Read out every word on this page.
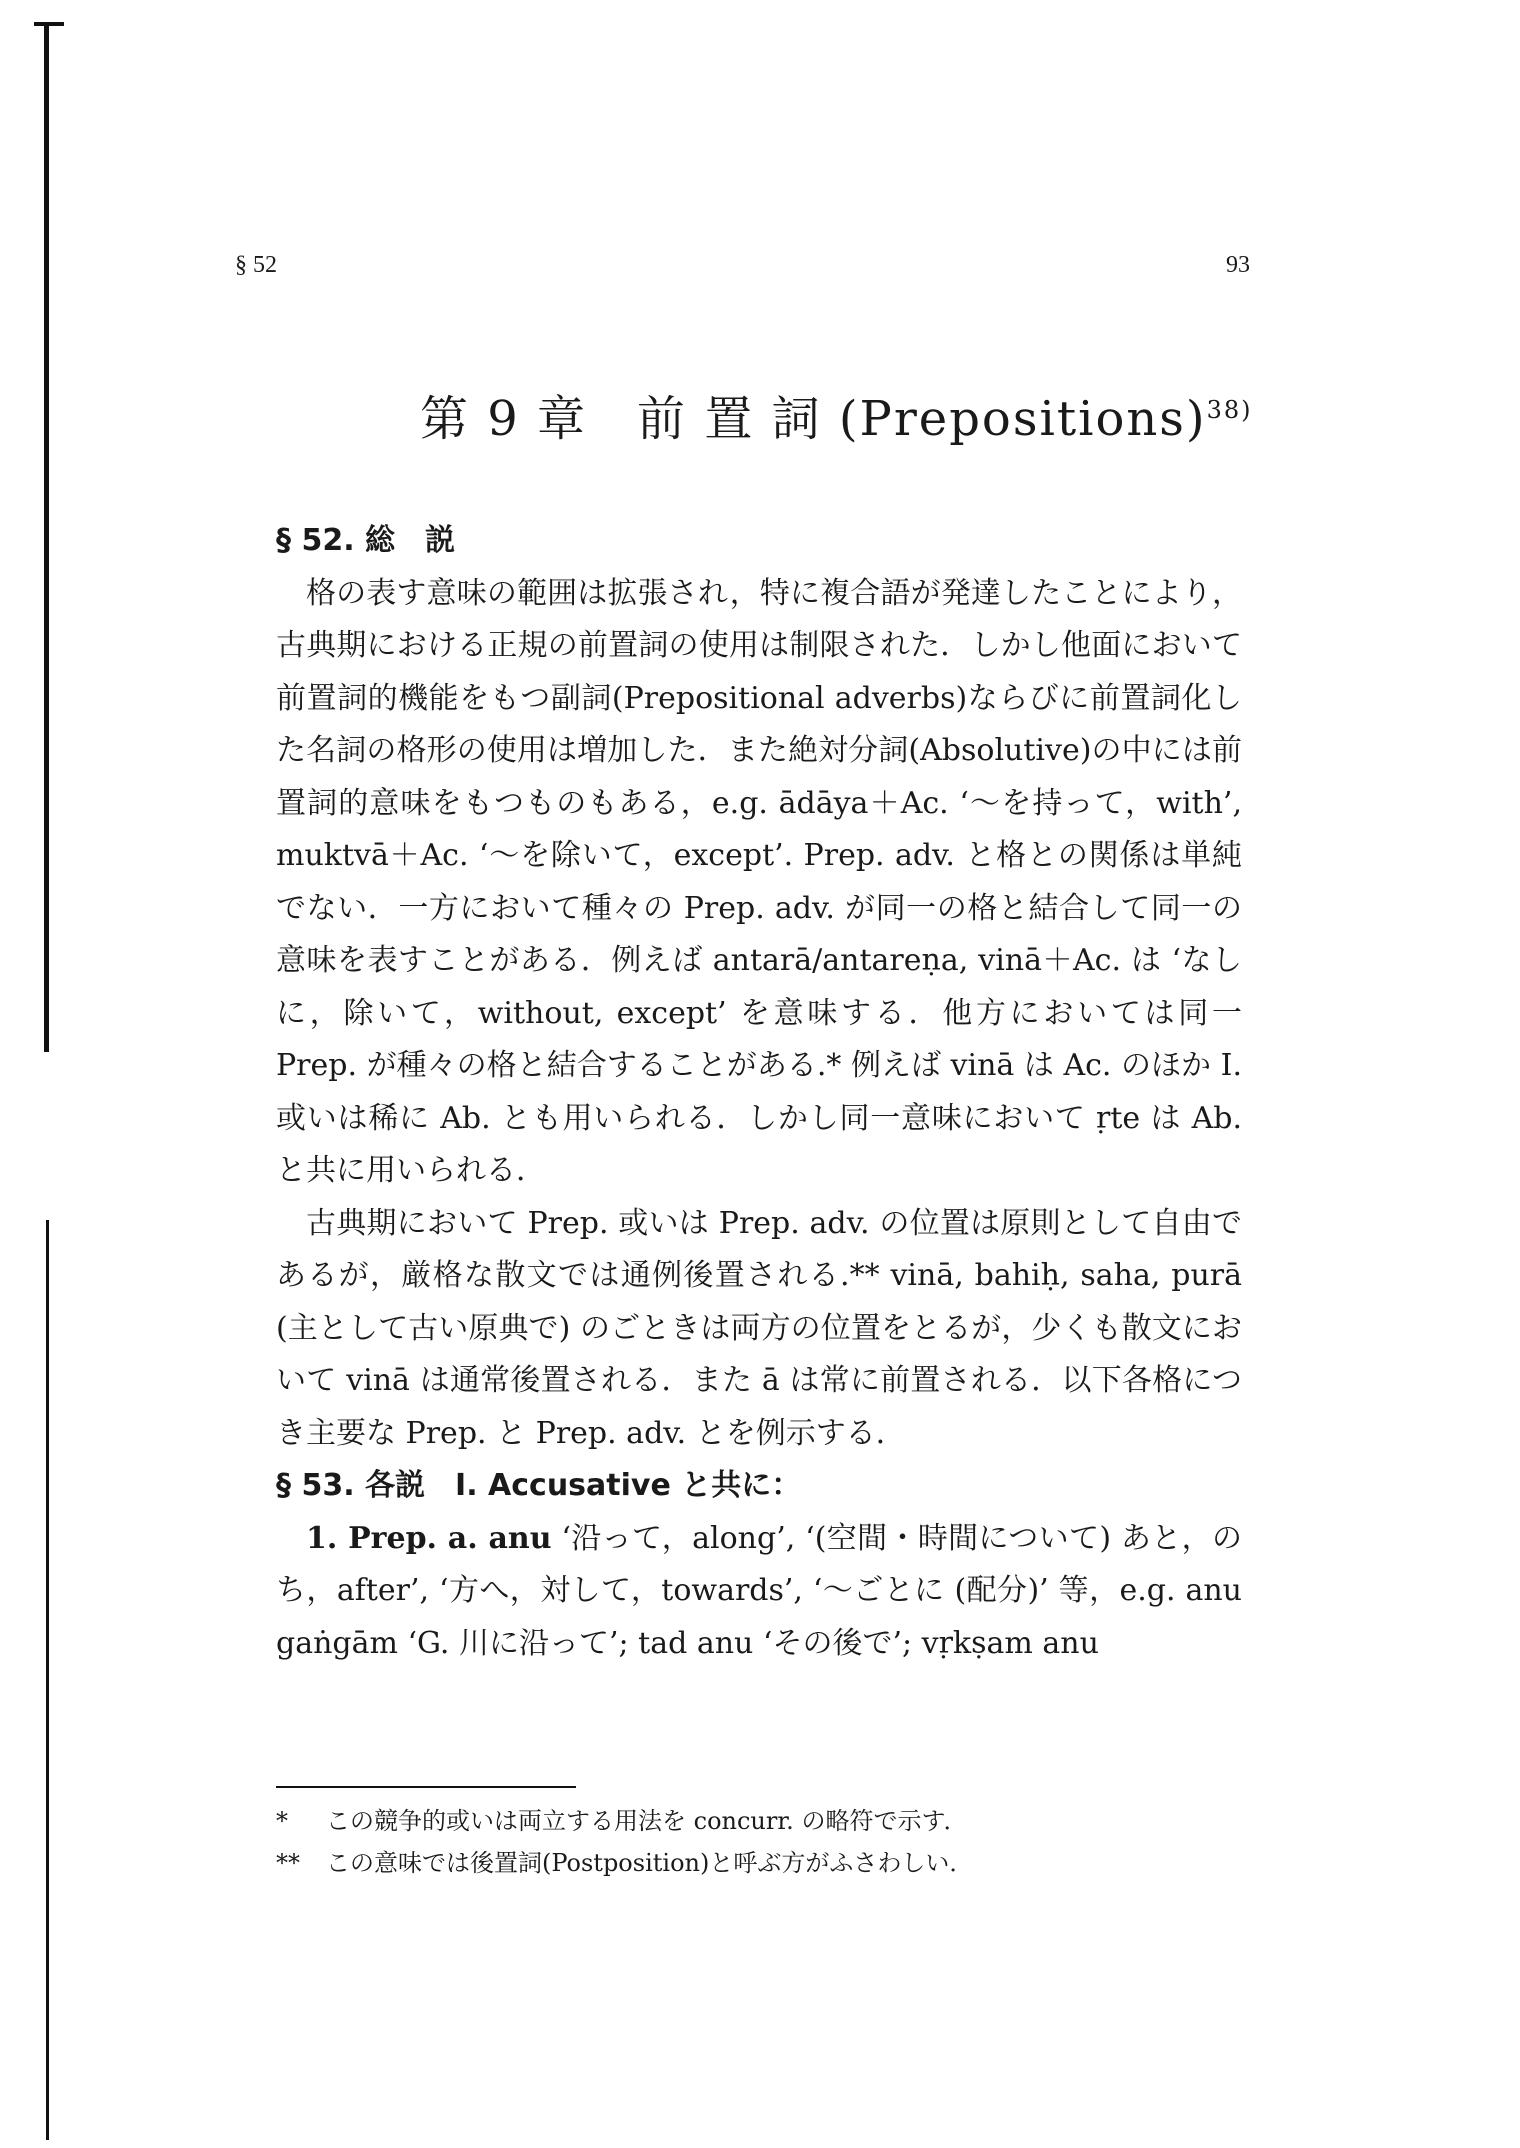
§ 52	93
第 9 章　前 置 詞 (Prepositions)$^{38)}$
§ 52. 総　説

格の表す意味の範囲は拡張され，特に複合語が発達したことにより，古典期における正規の前置詞の使用は制限された．しかし他面において前置詞的機能をもつ副詞(Prepositional adverbs)ならびに前置詞化した名詞の格形の使用は増加した．また絶対分詞(Absolutive)の中には前置詞的意味をもつものもある，e.g. ādāya＋Ac. ‘～を持って，with’, muktvā＋Ac. ‘～を除いて，except’. Prep. adv. と格との関係は単純でない．一方において種々の Prep. adv. が同一の格と結合して同一の意味を表すことがある．例えば antarā/antareṇa, vinā＋Ac. は ‘なしに，除いて，without, except’ を意味する．他方においては同一 Prep. が種々の格と結合することがある.* 例えば vinā は Ac. のほか I. 或いは稀に Ab. とも用いられる．しかし同一意味において ṛte は Ab. と共に用いられる．

古典期において Prep. 或いは Prep. adv. の位置は原則として自由であるが，厳格な散文では通例後置される.** vinā, bahiḥ, saha, purā (主として古い原典で) のごときは両方の位置をとるが，少くも散文において vinā は通常後置される．また ā は常に前置される．以下各格につき主要な Prep. と Prep. adv. とを例示する．

§ 53. 各説　I. Accusative と共に：

1. Prep. a. anu ‘沿って，along’, ‘(空間・時間について) あと，のち，after’, ‘方へ，対して，towards’, ‘～ごとに (配分)’ 等，e.g. anu gaṅgām ‘G. 川に沿って’; tad anu ‘その後で’; vṛkṣam anu

* この競争的或いは両立する用法を concurr. の略符で示す．
** この意味では後置詞(Postposition)と呼ぶ方がふさわしい．
